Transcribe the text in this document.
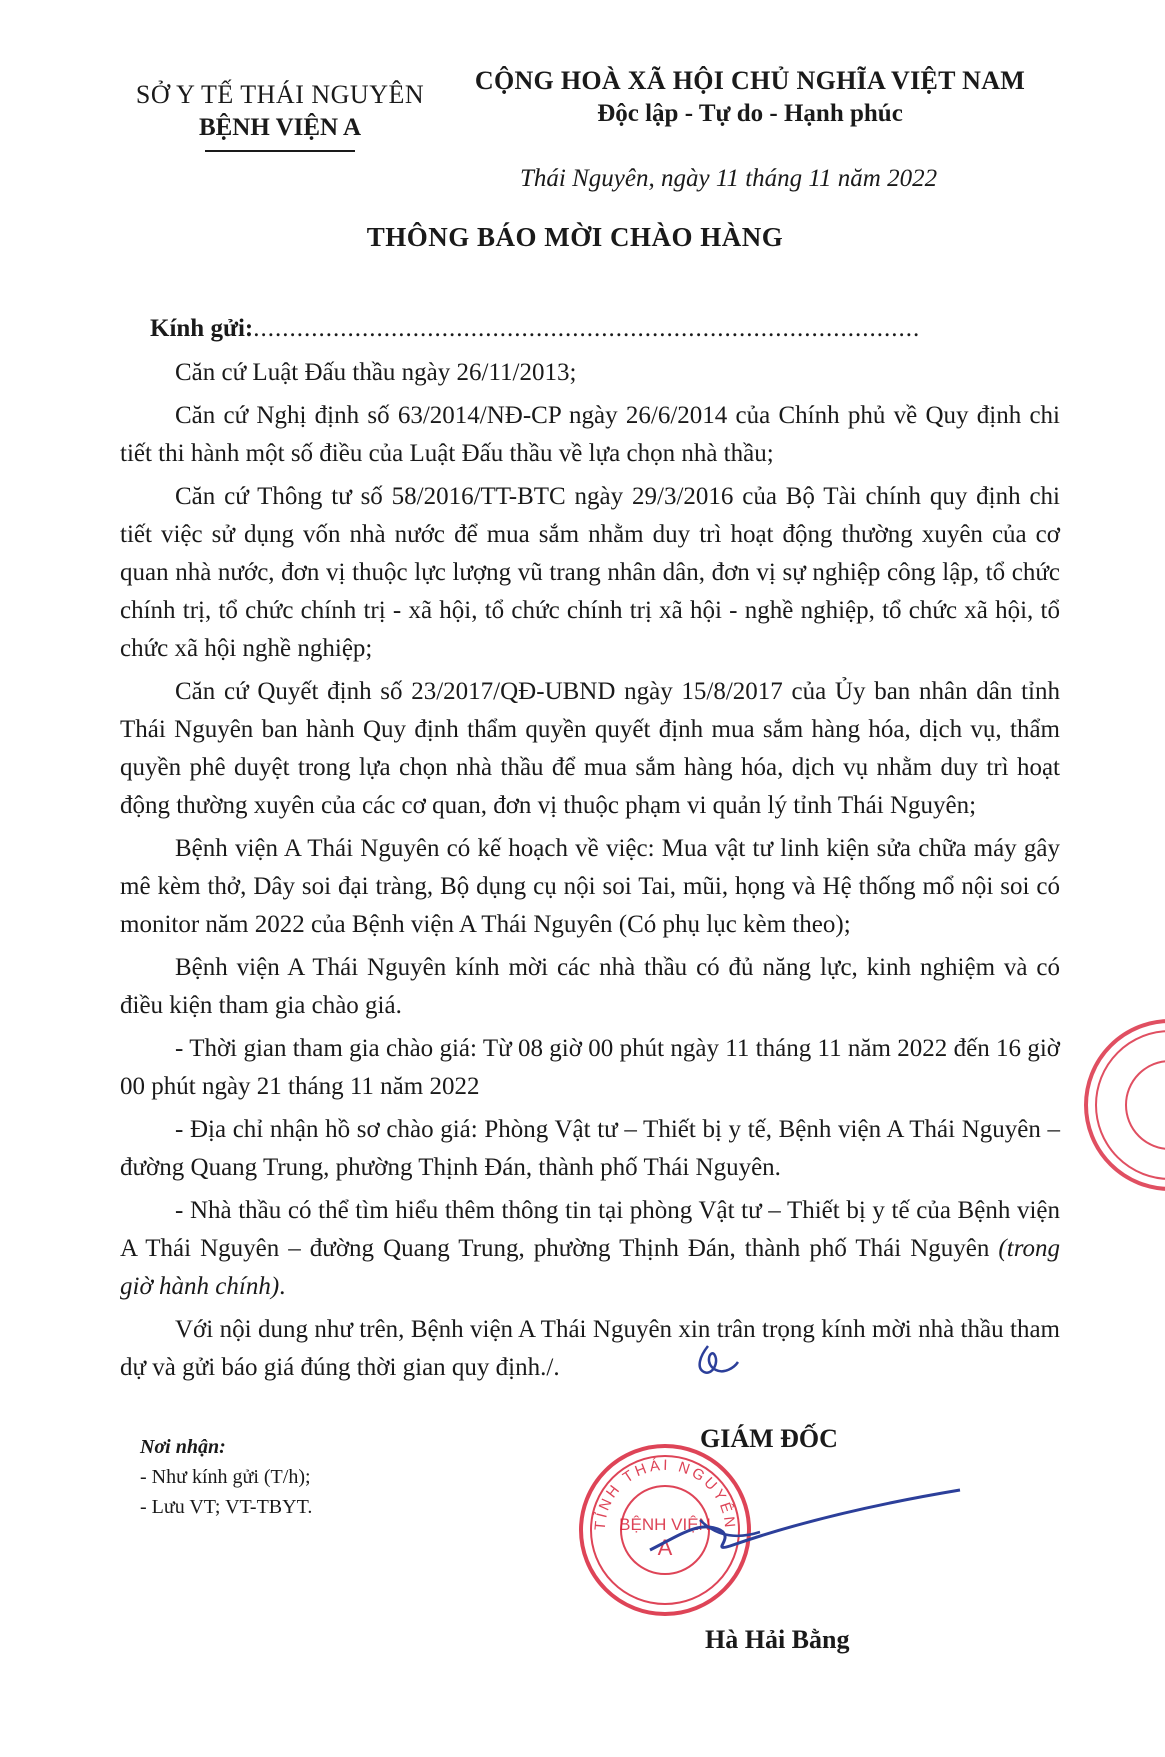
SỞ Y TẾ THÁI NGUYÊN
BỆNH VIỆN A
CỘNG HOÀ XÃ HỘI CHỦ NGHĨA VIỆT NAM
Độc lập - Tự do - Hạnh phúc
Thái Nguyên, ngày 11 tháng 11 năm 2022
THÔNG BÁO MỜI CHÀO HÀNG

Kính gửi:............................................................................................

Căn cứ Luật Đấu thầu ngày 26/11/2013;

Căn cứ Nghị định số 63/2014/NĐ-CP ngày 26/6/2014 của Chính phủ về Quy định chi tiết thi hành một số điều của Luật Đấu thầu về lựa chọn nhà thầu;

Căn cứ Thông tư số 58/2016/TT-BTC ngày 29/3/2016 của Bộ Tài chính quy định chi tiết việc sử dụng vốn nhà nước để mua sắm nhằm duy trì hoạt động thường xuyên của cơ quan nhà nước, đơn vị thuộc lực lượng vũ trang nhân dân, đơn vị sự nghiệp công lập, tổ chức chính trị, tổ chức chính trị - xã hội, tổ chức chính trị xã hội - nghề nghiệp, tổ chức xã hội, tổ chức xã hội nghề nghiệp;

Căn cứ Quyết định số 23/2017/QĐ-UBND ngày 15/8/2017 của Ủy ban nhân dân tỉnh Thái Nguyên ban hành Quy định thẩm quyền quyết định mua sắm hàng hóa, dịch vụ, thẩm quyền phê duyệt trong lựa chọn nhà thầu để mua sắm hàng hóa, dịch vụ nhằm duy trì hoạt động thường xuyên của các cơ quan, đơn vị thuộc phạm vi quản lý tỉnh Thái Nguyên;

Bệnh viện A Thái Nguyên có kế hoạch về việc: Mua vật tư linh kiện sửa chữa máy gây mê kèm thở, Dây soi đại tràng, Bộ dụng cụ nội soi Tai, mũi, họng và Hệ thống mổ nội soi có monitor năm 2022 của Bệnh viện A Thái Nguyên (Có phụ lục kèm theo);

Bệnh viện A Thái Nguyên kính mời các nhà thầu có đủ năng lực, kinh nghiệm và có điều kiện tham gia chào giá.

- Thời gian tham gia chào giá: Từ 08 giờ 00 phút ngày 11 tháng 11 năm 2022 đến 16 giờ 00 phút ngày 21 tháng 11 năm 2022

- Địa chỉ nhận hồ sơ chào giá: Phòng Vật tư – Thiết bị y tế, Bệnh viện A Thái Nguyên – đường Quang Trung, phường Thịnh Đán, thành phố Thái Nguyên.

- Nhà thầu có thể tìm hiểu thêm thông tin tại phòng Vật tư – Thiết bị y tế của Bệnh viện A Thái Nguyên – đường Quang Trung, phường Thịnh Đán, thành phố Thái Nguyên (trong giờ hành chính).

Với nội dung như trên, Bệnh viện A Thái Nguyên xin trân trọng kính mời nhà thầu tham dự và gửi báo giá đúng thời gian quy định./.

Nơi nhận:
- Như kính gửi (T/h);
- Lưu VT; VT-TBYT.
GIÁM ĐỐC
TỈNH THÁI NGUYÊN
BỆNH VIỆN
A
Hà Hải Bằng
